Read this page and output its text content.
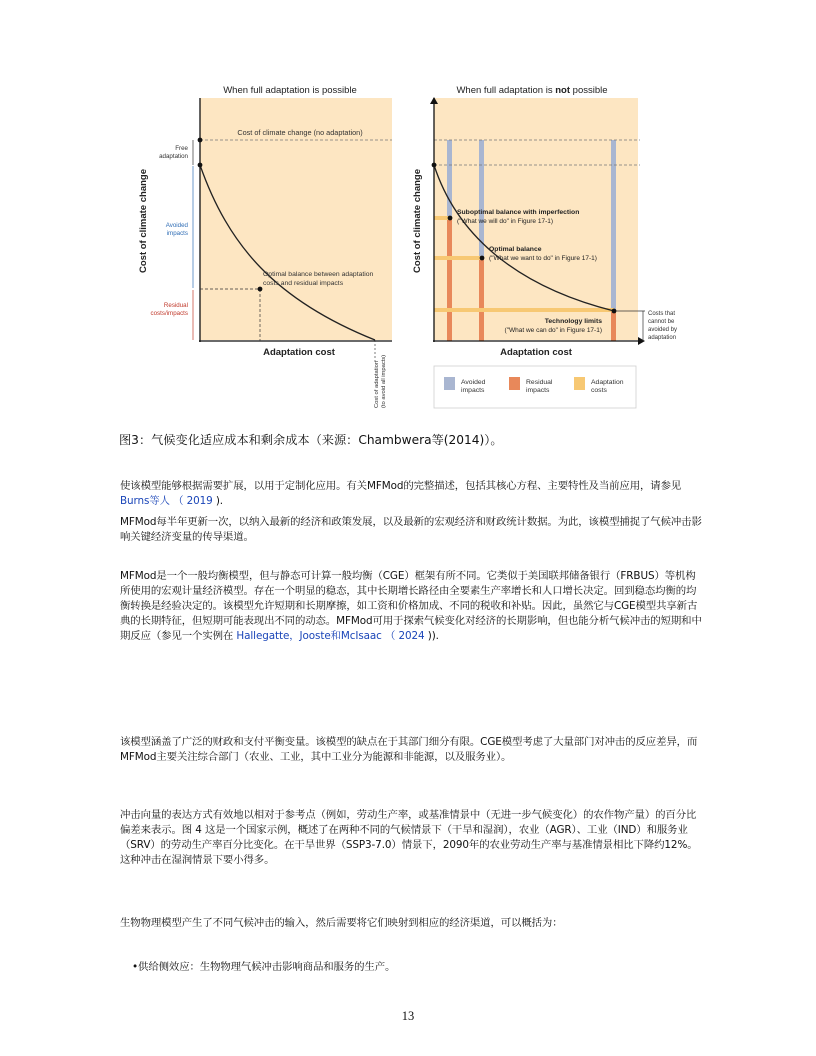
When full adaptation is possible
Cost of climate change (no adaptation)
Cost of climate change
Free
adaptation
Avoided
impacts
Residual
costs/impacts
Optimal balance between adaptation
costs and residual impacts
Adaptation cost
Cost of adaptation (to avoid all impacts)
When full adaptation is not possible
Cost of climate change	Suboptimal balance with imperfection
("What we will do" in Figure 17-1)
Optimal balance
("What we want to do" in Figure 17-1)
Technology limits
("What we can do" in Figure 17-1)
Costs that
cannot be
avoided by
adaptation
Adaptation cost
Avoided
impacts
Residual
impacts
Adaptation
costs
图3：气候变化适应成本和剩余成本（来源：Chambwera等(2014)）。
使该模型能够根据需要扩展，以用于定制化应用。有关MFMod的完整描述，包括其核心方程、主要特性及当前应用，请参见 Burns等人 （ 2019 ).
MFMod每半年更新一次，以纳入最新的经济和政策发展，以及最新的宏观经济和财政统计数据。为此，该模型捕捉了气候冲击影响关键经济变量的传导渠道。
MFMod是一个一般均衡模型，但与静态可计算一般均衡（CGE）框架有所不同。它类似于美国联邦储备银行（FRBUS）等机构所使用的宏观计量经济模型。存在一个明显的稳态，其中长期增长路径由全要素生产率增长和人口增长决定。回到稳态均衡的均衡转换是经验决定的。该模型允许短期和长期摩擦，如工资和价格加成、不同的税收和补贴。因此，虽然它与CGE模型共享新古典的长期特征，但短期可能表现出不同的动态。MFMod可用于探索气候变化对经济的长期影响，但也能分析气候冲击的短期和中期反应（参见一个实例在 Hallegatte，Jooste和McIsaac （ 2024 )).
该模型涵盖了广泛的财政和支付平衡变量。该模型的缺点在于其部门细分有限。CGE模型考虑了大量部门对冲击的反应差异，而MFMod主要关注综合部门（农业、工业，其中工业分为能源和非能源，以及服务业）。
冲击向量的表达方式有效地以相对于参考点（例如，劳动生产率，或基准情景中（无进一步气候变化）的农作物产量）的百分比偏差来表示。图 4 这是一个国家示例，概述了在两种不同的气候情景下（干旱和湿润），农业（AGR）、工业（IND）和服务业（SRV）的劳动生产率百分比变化。在干旱世界（SSP3-7.0）情景下，2090年的农业劳动生产率与基准情景相比下降约12%。这种冲击在湿润情景下要小得多。
生物物理模型产生了不同气候冲击的输入，然后需要将它们映射到相应的经济渠道，可以概括为：
•供给侧效应：生物物理气候冲击影响商品和服务的生产。
13
